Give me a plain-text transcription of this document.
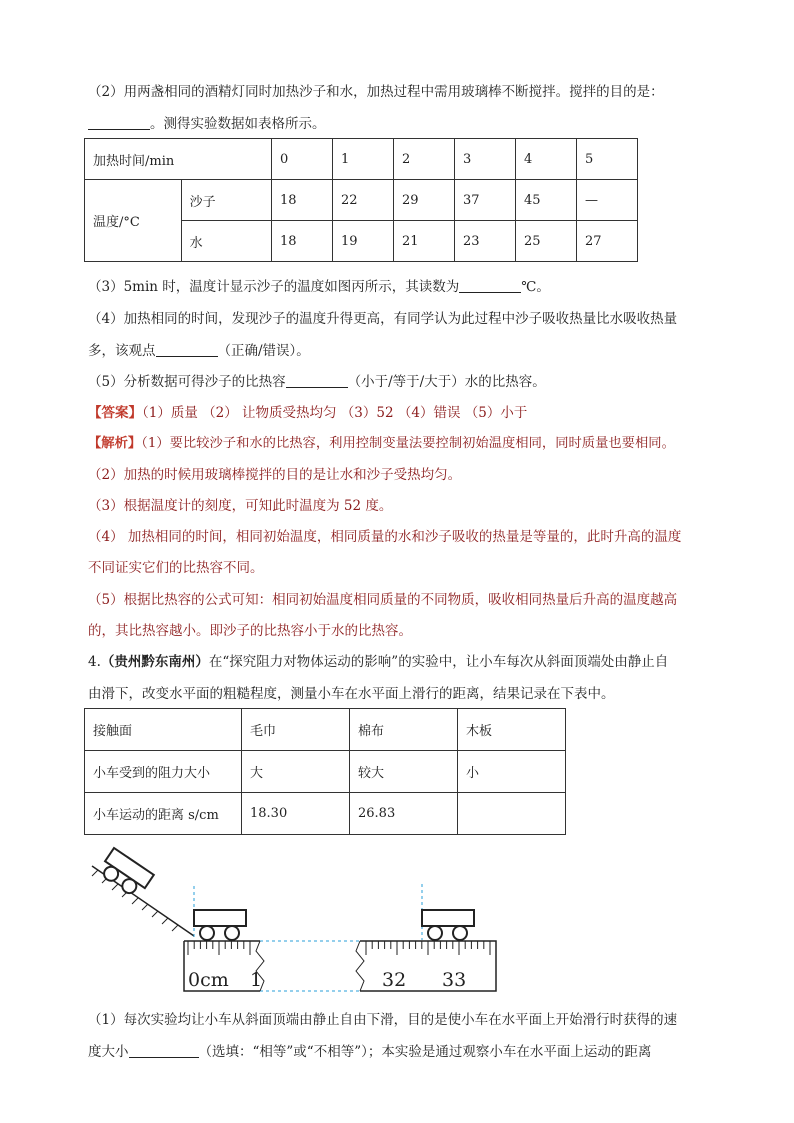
（2）用两盏相同的酒精灯同时加热沙子和水，加热过程中需用玻璃棒不断搅拌。搅拌的目的是：
。测得实验数据如表格所示。
加热时间/min		0	1	2	3	4	5
温度/°C	沙子	18	22	29	37	45	—
	水	18	19	21	23	25	27
（3）5min 时，温度计显示沙子的温度如图丙所示，其读数为	℃。
（4）加热相同的时间，发现沙子的温度升得更高，有同学认为此过程中沙子吸收热量比水吸收热量
多，该观点	（正确/错误）。
（5）分析数据可得沙子的比热容	（小于/等于/大于）水的比热容。
【答案】（1）质量 （2） 让物质受热均匀 （3）52 （4）错误 （5）小于
【解析】（1）要比较沙子和水的比热容，利用控制变量法要控制初始温度相同，同时质量也要相同。
（2）加热的时候用玻璃棒搅拌的目的是让水和沙子受热均匀。
（3）根据温度计的刻度，可知此时温度为 52 度。
（4） 加热相同的时间，相同初始温度，相同质量的水和沙子吸收的热量是等量的，此时升高的温度
不同证实它们的比热容不同。
（5）根据比热容的公式可知：相同初始温度相同质量的不同物质，吸收相同热量后升高的温度越高
的，其比热容越小。即沙子的比热容小于水的比热容。
4.（贵州黔东南州）在“探究阻力对物体运动的影响”的实验中，让小车每次从斜面顶端处由静止自
由滑下，改变水平面的粗糙程度，测量小车在水平面上滑行的距离，结果记录在下表中。
接触面	毛巾	棉布	木板
小车受到的阻力大小	大	较大	小
小车运动的距离 s/cm	18.30	26.83	
0cm 1	32 33
（1）每次实验均让小车从斜面顶端由静止自由下滑，目的是使小车在水平面上开始滑行时获得的速
度大小	（选填：“相等”或“不相等”）；本实验是通过观察小车在水平面上运动的距离
